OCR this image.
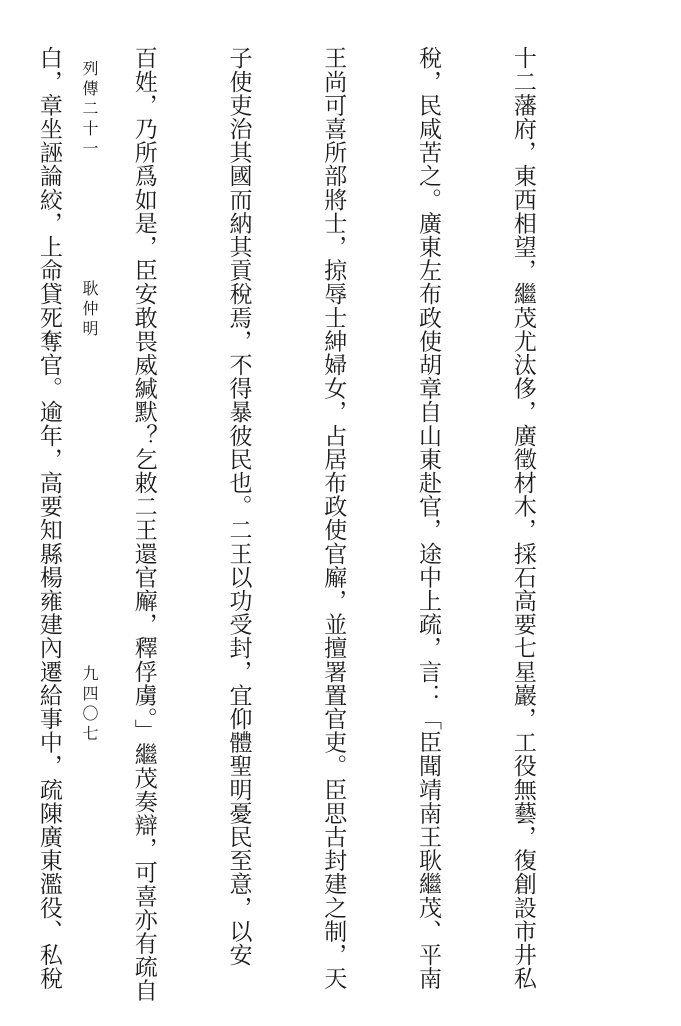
十二藩府，東西相望，繼茂尤汰侈，廣徵材木，採石高要七星巖，工役無藝，復創設市井私

稅，民咸苦之。廣東左布政使胡章自山東赴官，途中上疏，言：「臣聞靖南王耿繼茂、平南

王尚可喜所部將士，掠辱士紳婦女，占居布政使官廨，並擅署置官吏。臣思古封建之制，天

子使吏治其國而納其貢稅焉，不得暴彼民也。二王以功受封，宜仰體聖明憂民至意，以安

百姓，乃所爲如是，臣安敢畏威緘默？乞敕二王還官廨，釋俘虜。」繼茂奏辯，可喜亦有疏自

白，章坐誣論絞，上命貸死奪官。逾年，高要知縣楊雍建內遷給事中，疏陳廣東濫役、私稅

列傳二十一耿仲明
九四〇七
